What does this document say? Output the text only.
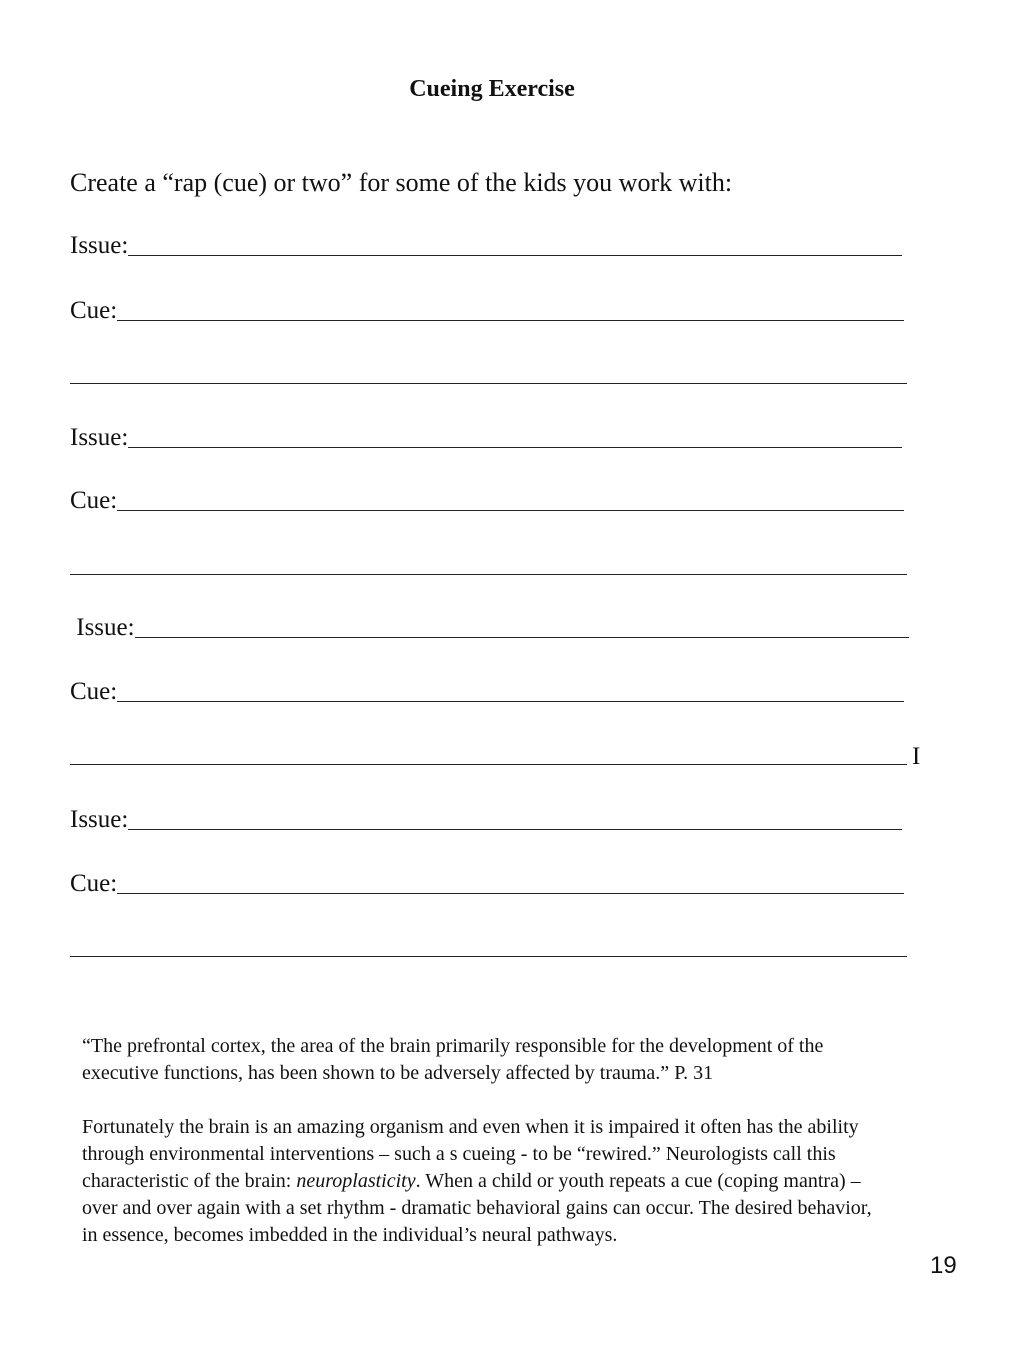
Cueing Exercise

Create a “rap (cue) or two” for some of the kids you work with:

Issue:
Cue:
Issue:
Cue:
Issue:
Cue:
I
Issue:
Cue:

“The prefrontal cortex, the area of the brain primarily responsible for the development of the executive functions, has been shown to be adversely affected by trauma.” P. 31

Fortunately the brain is an amazing organism and even when it is impaired it often has the ability through environmental interventions – such a s cueing - to be “rewired.” Neurologists call this characteristic of the brain: neuroplasticity. When a child or youth repeats a cue (coping mantra) – over and over again with a set rhythm - dramatic behavioral gains can occur. The desired behavior, in essence, becomes imbedded in the individual’s neural pathways.

19
